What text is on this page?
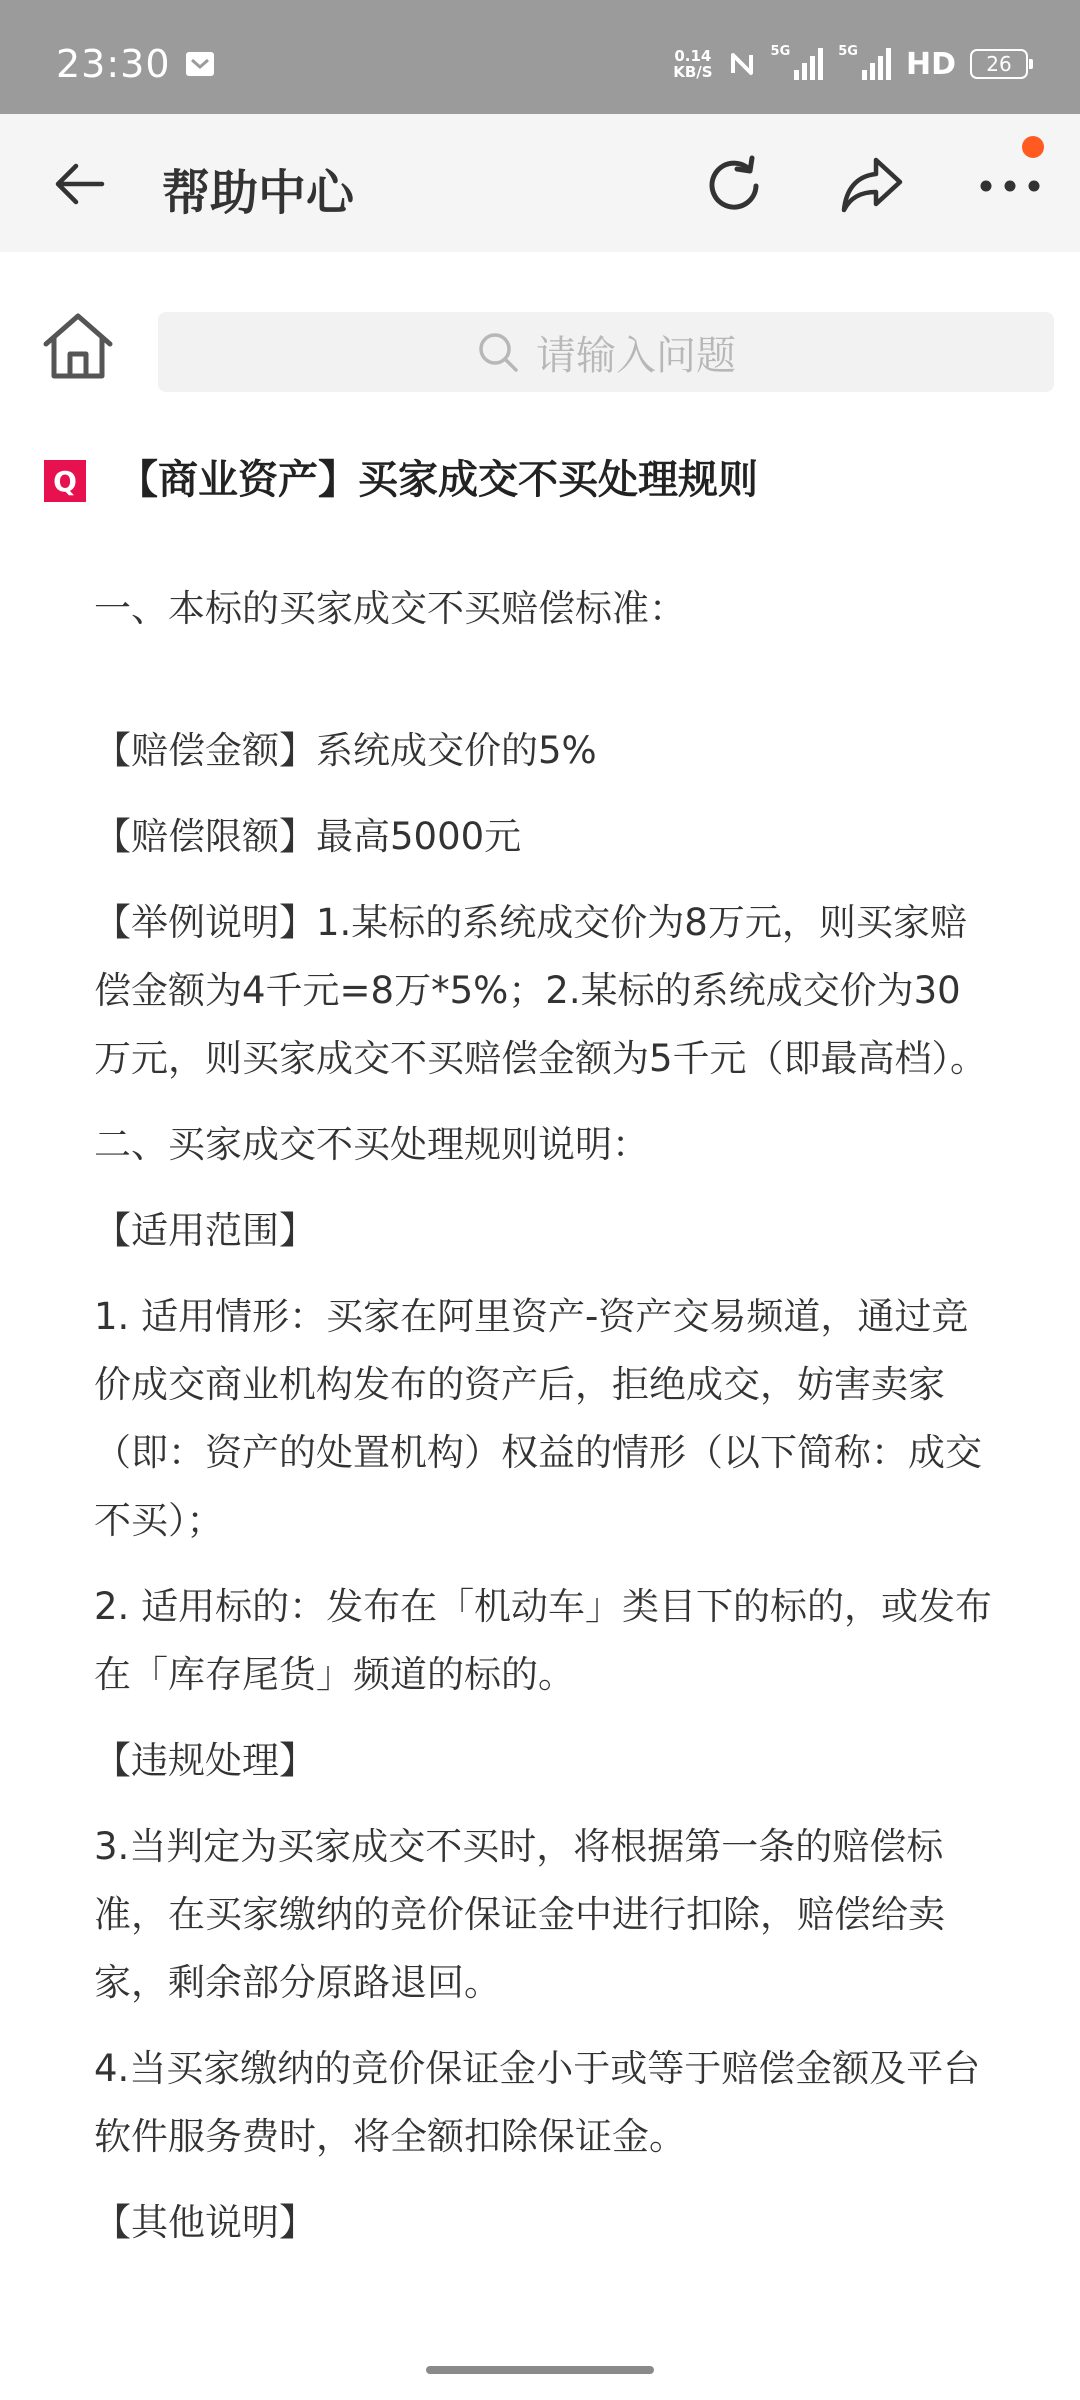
23:30	0.14
KB/S
5G	5G HD 26
帮助中心
请输入问题
Q 【商业资产】买家成交不买处理规则

一、本标的买家成交不买赔偿标准：

【赔偿金额】系统成交价的5%

【赔偿限额】最高5000元

【举例说明】1.某标的系统成交价为8万元，则买家赔偿金额为4千元=8万*5%；2.某标的系统成交价为30万元，则买家成交不买赔偿金额为5千元（即最高档）。

二、买家成交不买处理规则说明：

【适用范围】

1. 适用情形：买家在阿里资产-资产交易频道，通过竞价成交商业机构发布的资产后，拒绝成交，妨害卖家（即：资产的处置机构）权益的情形（以下简称：成交不买）；

2. 适用标的：发布在「机动车」类目下的标的，或发布在「库存尾货」频道的标的。

【违规处理】

3.当判定为买家成交不买时，将根据第一条的赔偿标准，在买家缴纳的竞价保证金中进行扣除，赔偿给卖家，剩余部分原路退回。

4.当买家缴纳的竞价保证金小于或等于赔偿金额及平台软件服务费时，将全额扣除保证金。

【其他说明】
